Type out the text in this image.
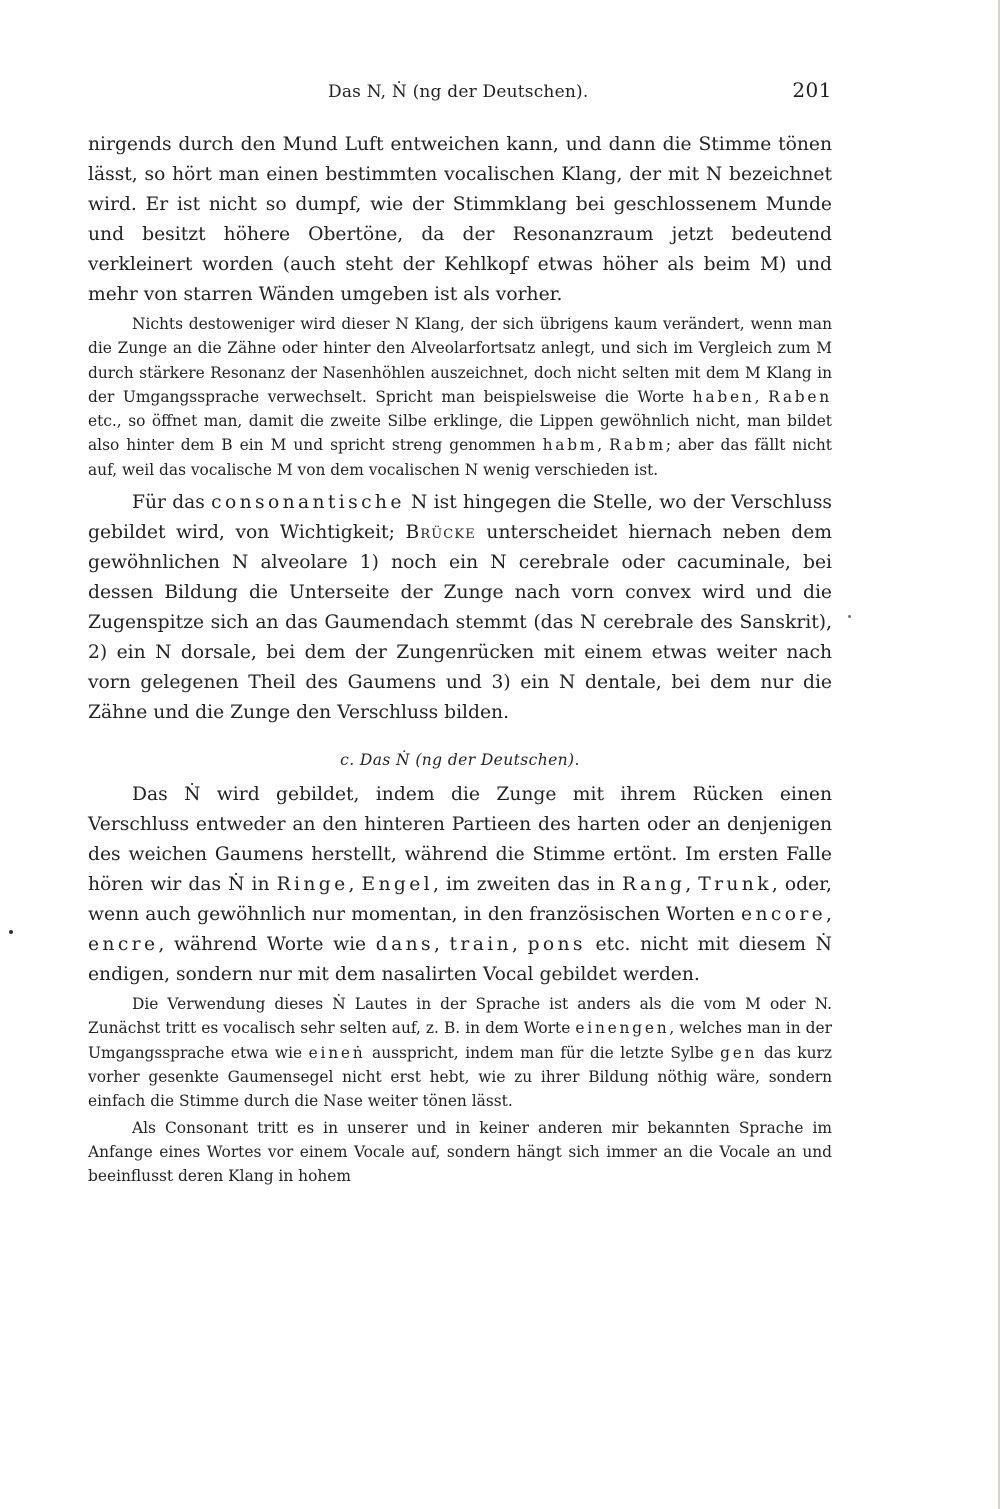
Das N, Ṅ (ng der Deutschen).	201

nirgends durch den Mund Luft entweichen kann, und dann die Stimme tönen lässt, so hört man einen bestimmten vocalischen Klang, der mit N bezeichnet wird. Er ist nicht so dumpf, wie der Stimmklang bei geschlossenem Munde und besitzt höhere Obertöne, da der Resonanzraum jetzt bedeutend verkleinert worden (auch steht der Kehlkopf etwas höher als beim M) und mehr von starren Wänden umgeben ist als vorher.

Nichts destoweniger wird dieser N Klang, der sich übrigens kaum verändert, wenn man die Zunge an die Zähne oder hinter den Alveolarfortsatz anlegt, und sich im Vergleich zum M durch stärkere Resonanz der Nasenhöhlen auszeichnet, doch nicht selten mit dem M Klang in der Umgangssprache verwechselt. Spricht man beispielsweise die Worte haben, Raben etc., so öffnet man, damit die zweite Silbe erklinge, die Lippen gewöhnlich nicht, man bildet also hinter dem B ein M und spricht streng genommen habm, Rabm; aber das fällt nicht auf, weil das vocalische M von dem vocalischen N wenig verschieden ist.

Für das consonantische N ist hingegen die Stelle, wo der Verschluss gebildet wird, von Wichtigkeit; Brücke unterscheidet hiernach neben dem gewöhnlichen N alveolare 1) noch ein N cerebrale oder cacuminale, bei dessen Bildung die Unterseite der Zunge nach vorn convex wird und die Zugenspitze sich an das Gaumendach stemmt (das N cerebrale des Sanskrit), 2) ein N dorsale, bei dem der Zungenrücken mit einem etwas weiter nach vorn gelegenen Theil des Gaumens und 3) ein N dentale, bei dem nur die Zähne und die Zunge den Verschluss bilden.

c. Das Ṅ (ng der Deutschen).

Das Ṅ wird gebildet, indem die Zunge mit ihrem Rücken einen Verschluss entweder an den hinteren Partieen des harten oder an denjenigen des weichen Gaumens herstellt, während die Stimme ertönt. Im ersten Falle hören wir das Ṅ in Ringe, Engel, im zweiten das in Rang, Trunk, oder, wenn auch gewöhnlich nur momentan, in den französischen Worten encore, encre, während Worte wie dans, train, pons etc. nicht mit diesem Ṅ endigen, sondern nur mit dem nasalirten Vocal gebildet werden.

Die Verwendung dieses Ṅ Lautes in der Sprache ist anders als die vom M oder N. Zunächst tritt es vocalisch sehr selten auf, z. B. in dem Worte einengen, welches man in der Umgangssprache etwa wie eineṅ ausspricht, indem man für die letzte Sylbe gen das kurz vorher gesenkte Gaumensegel nicht erst hebt, wie zu ihrer Bildung nöthig wäre, sondern einfach die Stimme durch die Nase weiter tönen lässt.

Als Consonant tritt es in unserer und in keiner anderen mir bekannten Sprache im Anfange eines Wortes vor einem Vocale auf, sondern hängt sich immer an die Vocale an und beeinflusst deren Klang in hohem
